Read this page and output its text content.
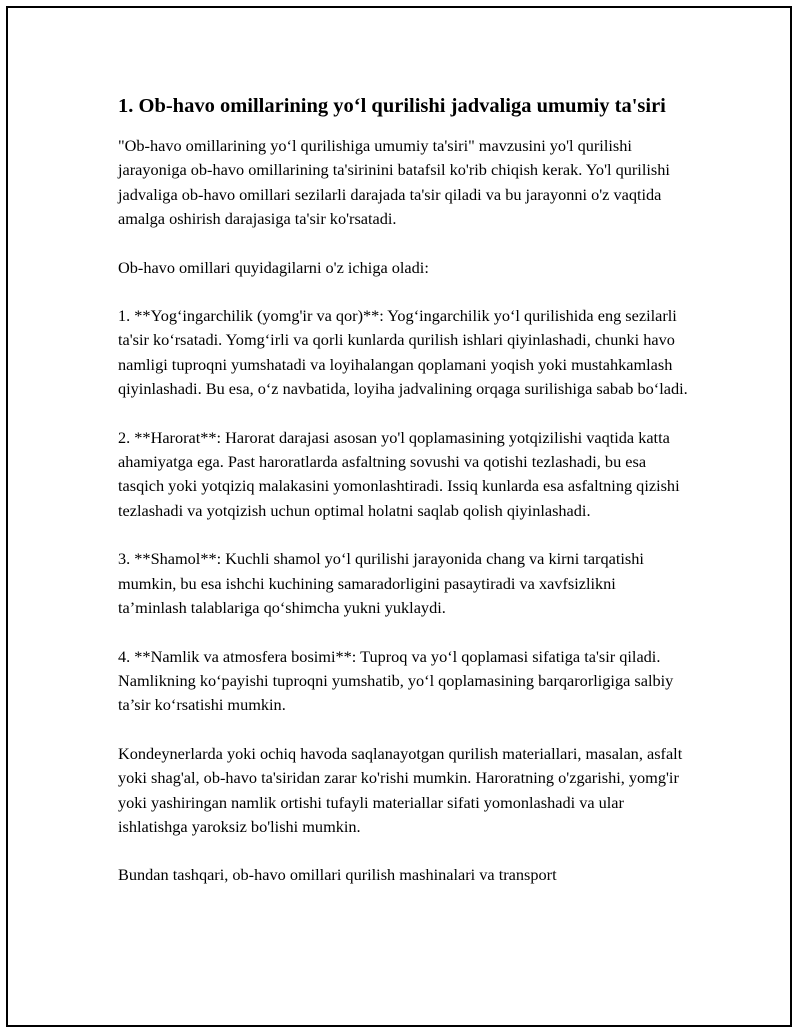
1. Ob-havo omillarining yo‘l qurilishi jadvaliga umumiy ta'siri

"Ob-havo omillarining yo‘l qurilishiga umumiy ta'siri" mavzusini yo'l qurilishi jarayoniga ob-havo omillarining ta'sirinini batafsil ko'rib chiqish kerak. Yo'l qurilishi jadvaliga ob-havo omillari sezilarli darajada ta'sir qiladi va bu jarayonni o'z vaqtida amalga oshirish darajasiga ta'sir ko'rsatadi.

Ob-havo omillari quyidagilarni o'z ichiga oladi:

1. **Yog‘ingarchilik (yomg'ir va qor)**: Yog‘ingarchilik yo‘l qurilishida eng sezilarli ta'sir ko‘rsatadi. Yomg‘irli va qorli kunlarda qurilish ishlari qiyinlashadi, chunki havo namligi tuproqni yumshatadi va loyihalangan qoplamani yoqish yoki mustahkamlash qiyinlashadi. Bu esa, o‘z navbatida, loyiha jadvalining orqaga surilishiga sabab bo‘ladi.

2. **Harorat**: Harorat darajasi asosan yo'l qoplamasining yotqizilishi vaqtida katta ahamiyatga ega. Past haroratlarda asfaltning sovushi va qotishi tezlashadi, bu esa tasqich yoki yotqiziq malakasini yomonlashtiradi. Issiq kunlarda esa asfaltning qizishi tezlashadi va yotqizish uchun optimal holatni saqlab qolish qiyinlashadi.

3. **Shamol**: Kuchli shamol yo‘l qurilishi jarayonida chang va kirni tarqatishi mumkin, bu esa ishchi kuchining samaradorligini pasaytiradi va xavfsizlikni ta’minlash talablariga qo‘shimcha yukni yuklaydi.

4. **Namlik va atmosfera bosimi**: Tuproq va yo‘l qoplamasi sifatiga ta'sir qiladi. Namlikning ko‘payishi tuproqni yumshatib, yo‘l qoplamasining barqarorligiga salbiy ta’sir ko‘rsatishi mumkin.

Kondeynerlarda yoki ochiq havoda saqlanayotgan qurilish materiallari, masalan, asfalt yoki shag'al, ob-havo ta'siridan zarar ko'rishi mumkin. Haroratning o'zgarishi, yomg'ir yoki yashiringan namlik ortishi tufayli materiallar sifati yomonlashadi va ular ishlatishga yaroksiz bo'lishi mumkin.

Bundan tashqari, ob-havo omillari qurilish mashinalari va transport
